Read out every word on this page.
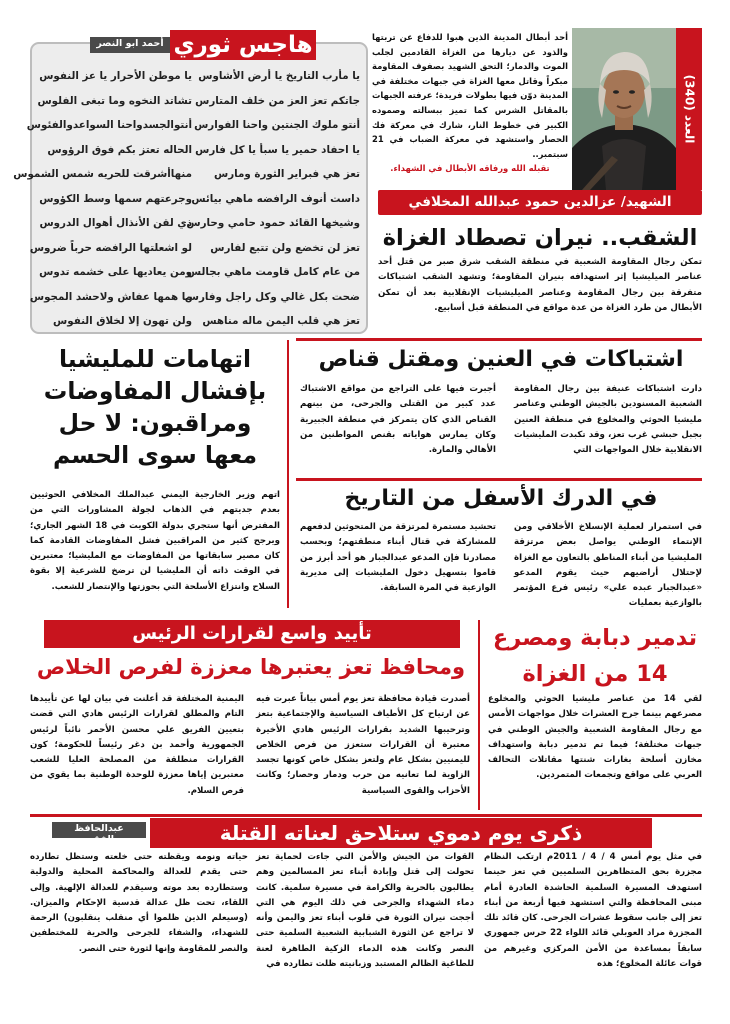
هاجس ثوري
أحمد ابو النصر
يا مأرب التاريخ يا أرض الأشاوس
جاتكم تعز العز من خلف المتارس
أنتو ملوك الجنتين واحنا الفوارس
يا احفاد حمير يا سبأ يا كل فارس
تعز هي فبراير الثورة ومارس
داست أنوف الرافضه ماهي بيائس
وشيخها القائد حمود حامي وحارس
تعز لن تخضع ولن تتبع لفارس
من عام كامل قاومت ماهي بجالس
ضحت بكل غالي وكل راجل وفارس
تعز هي قلب اليمن ماله مناهس
يا موطن الأحرار يا عز النفوس
تشاتد النخوه وما تبغى الفلوس
أنتوالجسدواحنا السواعدوالفئوس
الحاله تعتز بكم فوق الرؤوس
منهاأشرقت للحريه شمس الشموس
وجرعتهم سمها وسط الكؤوس
ذي لقن الأنذال أهوال الدروس
لو اشعلتها الرافضه حرباً ضروس
ومن يعاديها على خشمه تدوس
ما همها عفاش ولاحشد المجوس
ولن تهون إلا لخلاق النفوس
العدد (340)

أحد أبطال المدينة الذين هبوا للدفاع عن تربتها والذود عن ديارها من الغزاة القادمين لجلب الموت والدمار؛ التحق الشهيد بصفوف المقاومة مبكراً وقاتل معها الغزاة في جبهات مختلفة في المدينة دوّن فيها بطولات فريدة؛ عرفته الجبهات بالمقاتل الشرس كما تميز ببسالته وصموده الكبير في خطوط النار، شارك في معركة فك الحصار واستشهد في معركة الضباب في 21 سبتمبر..

تقبله الله ورفاقه الأبطال في الشهداء.

الشهيد/ عزالدين حمود عبدالله المخلافي
الشقب.. نيران تصطاد الغزاة
تمكن رجال المقاومة الشعبية في منطقة الشقب شرق صبر من قتل أحد عناصر الميليشيا إثر استهدافه بنيران المقاومة؛ وتشهد الشقب اشتباكات متفرقة بين رجال المقاومة وعناصر الميليشيات الإنقلابية بعد أن تمكن الأبطال من طرد الغزاة من عدة مواقع في المنطقة قبل أسابيع.
اشتباكات في العنين ومقتل قناص
دارت اشتباكات عنيفة بين رجال المقاومة الشعبية المسنودين بالجيش الوطني وعناصر مليشيا الحوثي والمخلوع في منطقة العنين بجبل حبشي غرب تعز، وقد تكبدت المليشيات الانقلابية خلال المواجهات التي
أجبرت فيها على التراجع من مواقع الاشتباك عدد كبير من القتلى والجرحى، من بينهم القناص الذي كان يتمركز في منطقة الجبيرية وكان يمارس هواياته بقنص المواطنين من الأهالي والمارة.
في الدرك الأسفل من التاريخ
في استمرار لعملية الإنسلاخ الأخلاقي ومن الإنتماء الوطني يواصل بعض مرتزقة المليشيا من أبناء المناطق بالتعاون مع الغزاة لإحتلال أراضيهم حيث يقوم المدعو «عبدالجبار عبده علي» رئيس فرع المؤتمر بالوازعية بعمليات
تحشيد مستمرة لمرتزقة من المتحوثين لدفعهم للمشاركة في قتال أبناء منطقتهم؛ وبحسب مصادرنا فإن المدعو عبدالجبار هو أحد أبرز من قاموا بتسهيل دخول المليشيات إلى مديرية الوازعية في المرة السابقة.
اتهامات للمليشيا بإفشال المفاوضات ومراقبون: لا حل معها سوى الحسم
اتهم وزير الخارجية اليمني عبدالملك المخلافي الحوثيين بعدم جديتهم في الذهاب لجولة المشاورات التي من المفترض أنها ستجري بدولة الكويت في 18 الشهر الجاري؛ ويرجح كثير من المراقبين فشل المفاوضات القادمة كما كان مصير سابقاتها من المفاوضات مع المليشيا؛ معتبرين في الوقت ذاته أن المليشيا لن ترضخ للشرعية إلا بقوة السلاح وانتزاع الأسلحة التي بحوزتها والإنتصار للشعب.
تأييد واسع لقرارات الرئيس
ومحافظ تعز يعتبرها معززة لفرص الخلاص
أصدرت قيادة محافظة تعز يوم أمس بياناً عبرت فيه عن ارتياح كل الأطياف السياسية والإجتماعية بتعز وترحيبها الشديد بقرارات الرئيس هادي الأخيرة معتبرة أن القرارات ستعزز من فرص الخلاص لليمنيين بشكل عام ولتعز بشكل خاص كونها تجسد الزاوية لما تعانيه من حرب ودمار وحصار؛ وكانت الأحزاب والقوى السياسية
اليمنية المختلفة قد أعلنت في بيان لها عن تأييدها التام والمطلق لقرارات الرئيس هادي التي قضت بتعيين الفريق علي محسن الأحمر نائباً لرئيس الجمهورية وأحمد بن دغر رئيساً للحكومة؛ كون القرارات منطلقة من المصلحة العليا للشعب معتبرين إياها معززة للوحدة الوطنية بما يقوي من فرص السلام.
تدمير دبابة ومصرع 14 من الغزاة
لقي 14 من عناصر مليشيا الحوثي والمخلوع مصرعهم بينما جرح العشرات خلال مواجهات الأمس مع رجال المقاومة الشعبية والجيش الوطني في جبهات مختلفة؛ فيما تم تدمير دبابة واستهداف مخازن أسلحة بغارات شنتها مقاتلات التحالف العربي على مواقع وتجمعات المتمردين.
عبدالحافظ الفقيه	ذكرى يوم دموي ستلاحق لعناته القتلة
في مثل يوم أمس 4 / 4 / 2011م ارتكب النظام مجزرة بحق المتظاهرين السلميين في تعز حينما استهدف المسيرة السلمية الحاشدة العادرة أمام مبنى المحافظة والتي استشهد فيها أربعة من أبناء تعز إلى جانب سقوط عشرات الجرحى. كان قائد تلك المجزرة مراد العوبلي قائد اللواء 22 حرس جمهوري سابقاً بمساعدة من الأمن المركزي وغيرهم من قوات عائلة المخلوع؛ هذه
القوات من الجيش والأمن التي جاءت لحماية تعز تحولت إلى قتل وإبادة أبناء تعز المسالمين وهم يطالبون بالحرية والكرامة في مسيرة سلمية. كانت دماء الشهداء والجرحى في ذلك اليوم هي التي أججت نيران الثورة في قلوب أبناء تعز واليمن وأنه لا تراجع عن الثورة الشبابية الشعبية السلمية حتى النصر وكانت هذه الدماء الزكية الطاهرة لعنة للطاغية الظالم المستبد وزبانيته ظلت تطارده في
حياته ونومه ويقظته حتى خلعته وستظل تطارده حتى يقدم للعدالة والمحاكمة المحلية والدولية وستطارده بعد موته وسيقدم للعدالة الإلهية. وإلى اللقاء، تحت ظل عدالة قدسية الإحكام والميزان. (وسيعلم الذين ظلموا أي منقلب ينقلبون) الرحمة للشهداء، والشفاء للجرحى والحرية للمختطفين والنصر للمقاومة وإنها لثورة حتى النصر.
